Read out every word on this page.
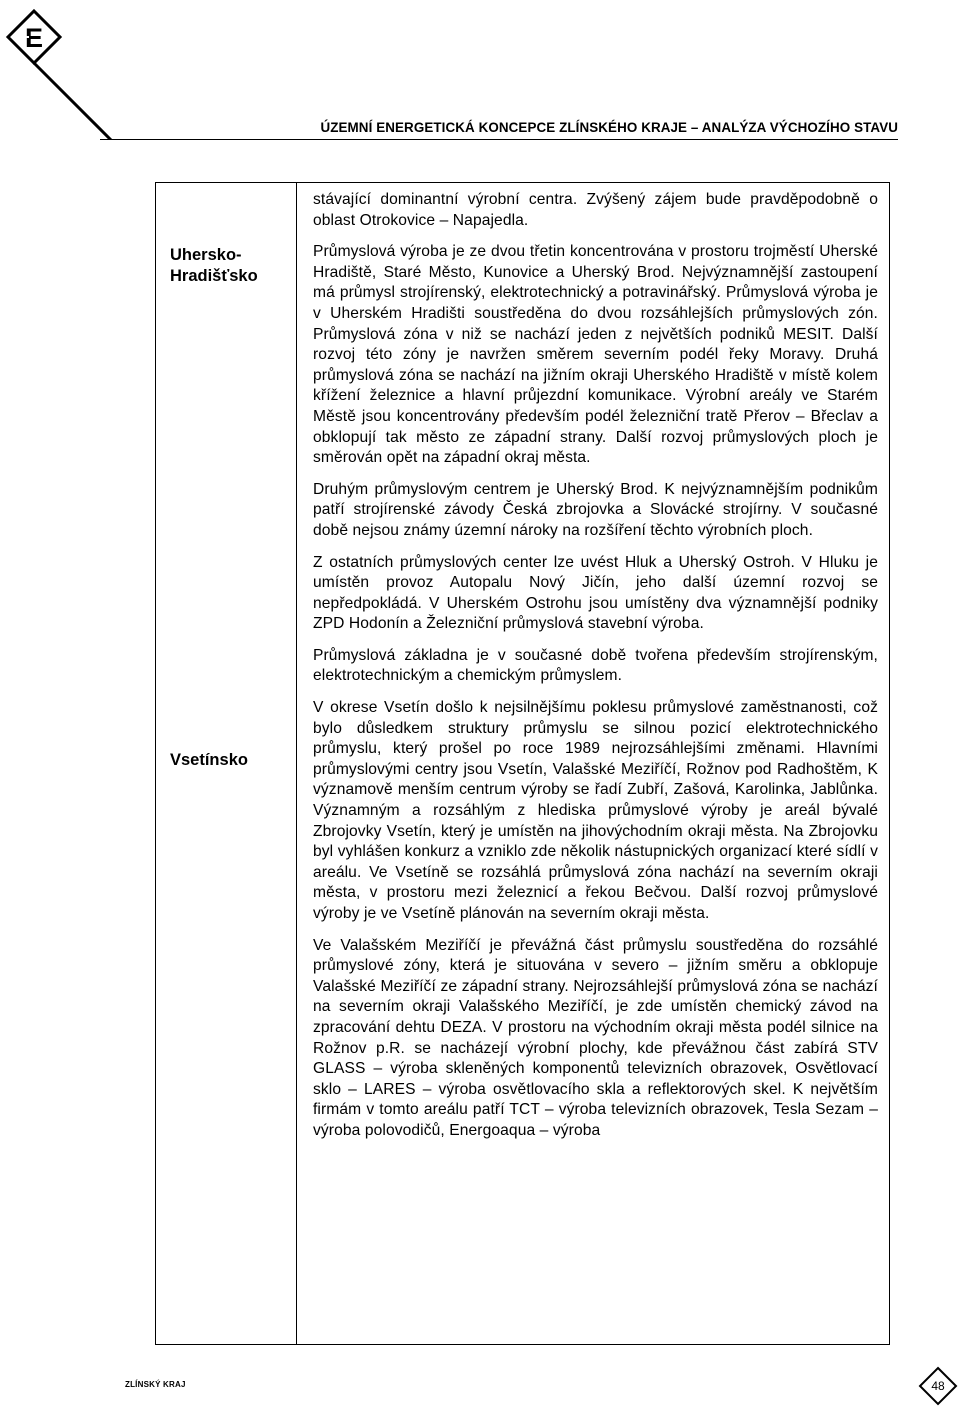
E
ÚZEMNÍ ENERGETICKÁ KONCEPCE ZLÍNSKÉHO KRAJE – ANALÝZA VÝCHOZÍHO STAVU
Uhersko-
Hradišťsko
Vsetínsko

stávající dominantní výrobní centra. Zvýšený zájem bude pravděpodobně o oblast Otrokovice – Napajedla.

Průmyslová výroba je ze dvou třetin koncentrována v prostoru trojměstí Uherské Hradiště, Staré Město, Kunovice a Uherský Brod. Nejvýznamnější zastoupení má průmysl strojírenský, elektrotechnický a potravinářský. Průmyslová výroba je v Uherském Hradišti soustředěna do dvou rozsáhlejších průmyslových zón. Průmyslová zóna v niž se nachází jeden z největších podniků MESIT. Další rozvoj této zóny je navržen směrem severním podél řeky Moravy. Druhá průmyslová zóna se nachází na jižním okraji Uherského Hradiště v místě kolem křížení železnice a hlavní průjezdní komunikace. Výrobní areály ve Starém Městě jsou koncentrovány především podél železniční tratě Přerov – Břeclav a obklopují tak město ze západní strany. Další rozvoj průmyslových ploch je směrován opět na západní okraj města.

Druhým průmyslovým centrem je Uherský Brod. K nejvýznamnějším podnikům patří strojírenské závody Česká zbrojovka a Slovácké strojírny. V současné době nejsou známy územní nároky na rozšíření těchto výrobních ploch.

Z ostatních průmyslových center lze uvést Hluk a Uherský Ostroh. V Hluku je umístěn provoz Autopalu Nový Jičín, jeho další územní rozvoj se nepředpokládá. V Uherském Ostrohu jsou umístěny dva významnější podniky ZPD Hodonín a Železniční průmyslová stavební výroba.

Průmyslová základna je v současné době tvořena především strojírenským, elektrotechnickým a chemickým průmyslem.

V okrese Vsetín došlo k nejsilnějšímu poklesu průmyslové zaměstnanosti, což bylo důsledkem struktury průmyslu se silnou pozicí elektrotechnického průmyslu, který prošel po roce 1989 nejrozsáhlejšími změnami. Hlavními průmyslovými centry jsou Vsetín, Valašské Meziříčí, Rožnov pod Radhoštěm, K významově menším centrum výroby se řadí Zubří, Zašová, Karolinka, Jablůnka. Významným a rozsáhlým z hlediska průmyslové výroby je areál bývalé Zbrojovky Vsetín, který je umístěn na jihovýchodním okraji města. Na Zbrojovku byl vyhlášen konkurz a vzniklo zde několik nástupnických organizací které sídlí v areálu. Ve Vsetíně se rozsáhlá průmyslová zóna nachází na severním okraji města, v prostoru mezi železnicí a řekou Bečvou. Další rozvoj průmyslové výroby je ve Vsetíně plánován na severním okraji města.

Ve Valašském Meziříčí je převážná část průmyslu soustředěna do rozsáhlé průmyslové zóny, která je situována v severo – jižním směru a obklopuje Valašské Meziříčí ze západní strany. Nejrozsáhlejší průmyslová zóna se nachází na severním okraji Valašského Meziříčí, je zde umístěn chemický závod na zpracování dehtu DEZA. V prostoru na východním okraji města podél silnice na Rožnov p.R. se nacházejí výrobní plochy, kde převážnou část zabírá STV GLASS – výroba skleněných komponentů televizních obrazovek, Osvětlovací sklo – LARES – výroba osvětlovacího skla a reflektorových skel. K největším firmám v tomto areálu patří TCT – výroba televizních obrazovek, Tesla Sezam – výroba polovodičů, Energoaqua – výroba

ZLÍNSKÝ KRAJ	48
